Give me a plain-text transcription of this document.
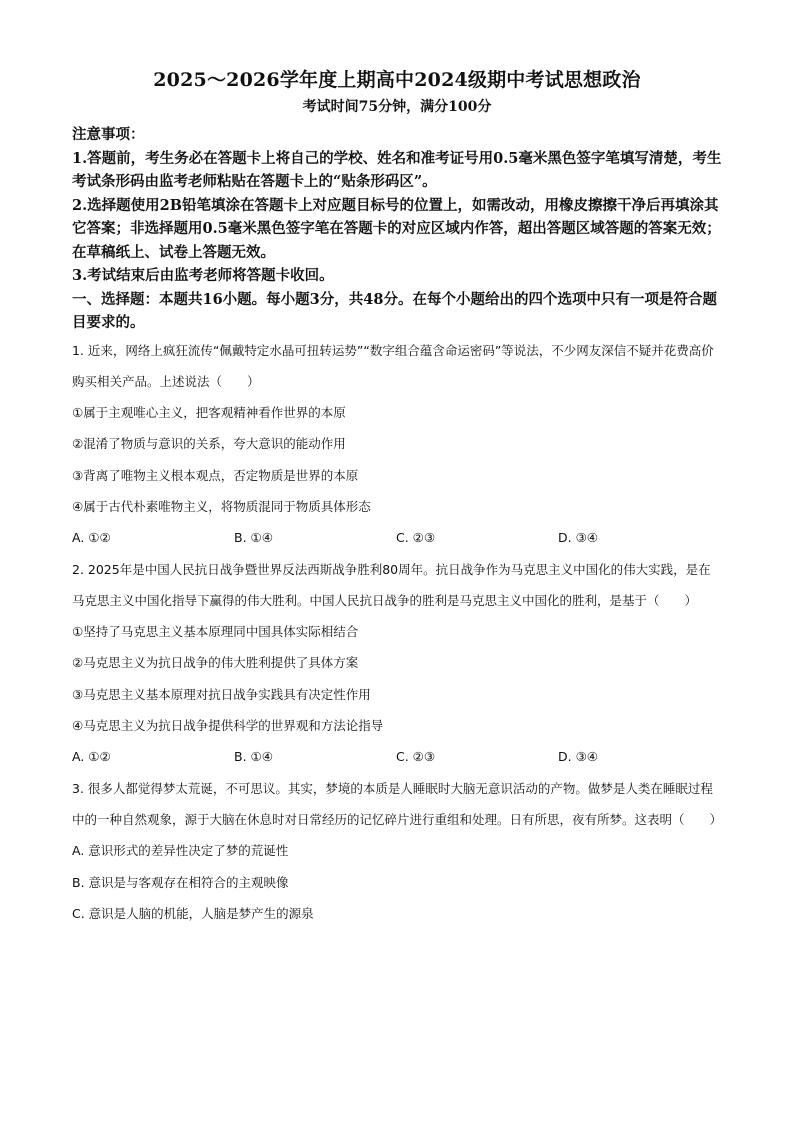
2025～2026学年度上期高中2024级期中考试思想政治
考试时间75分钟，满分100分
注意事项：
1.答题前，考生务必在答题卡上将自己的学校、姓名和准考证号用0.5毫米黑色签字笔填写清楚，考生考试条形码由监考老师粘贴在答题卡上的“贴条形码区”。
2.选择题使用2B铅笔填涂在答题卡上对应题目标号的位置上，如需改动，用橡皮擦擦干净后再填涂其它答案；非选择题用0.5毫米黑色签字笔在答题卡的对应区域内作答，超出答题区域答题的答案无效；在草稿纸上、试卷上答题无效。
3.考试结束后由监考老师将答题卡收回。
一、选择题：本题共16小题。每小题3分，共48分。在每个小题给出的四个选项中只有一项是符合题目要求的。
1. 近来，网络上疯狂流传“佩戴特定水晶可扭转运势”“数字组合蕴含命运密码”等说法，不少网友深信不疑并花费高价购买相关产品。上述说法（　　）
①属于主观唯心主义，把客观精神看作世界的本原
②混淆了物质与意识的关系，夸大意识的能动作用
③背离了唯物主义根本观点，否定物质是世界的本原
④属于古代朴素唯物主义，将物质混同于物质具体形态
A. ①②	B. ①④	C. ②③	D. ③④
2. 2025年是中国人民抗日战争暨世界反法西斯战争胜利80周年。抗日战争作为马克思主义中国化的伟大实践，是在马克思主义中国化指导下赢得的伟大胜利。中国人民抗日战争的胜利是马克思主义中国化的胜利，是基于（　　）
①坚持了马克思主义基本原理同中国具体实际相结合
②马克思主义为抗日战争的伟大胜利提供了具体方案
③马克思主义基本原理对抗日战争实践具有决定性作用
④马克思主义为抗日战争提供科学的世界观和方法论指导
A. ①②	B. ①④	C. ②③	D. ③④
3. 很多人都觉得梦太荒诞，不可思议。其实，梦境的本质是人睡眠时大脑无意识活动的产物。做梦是人类在睡眠过程中的一种自然观象，源于大脑在休息时对日常经历的记忆碎片进行重组和处理。日有所思，夜有所梦。这表明（　　）
A. 意识形式的差异性决定了梦的荒诞性
B. 意识是与客观存在相符合的主观映像
C. 意识是人脑的机能，人脑是梦产生的源泉
